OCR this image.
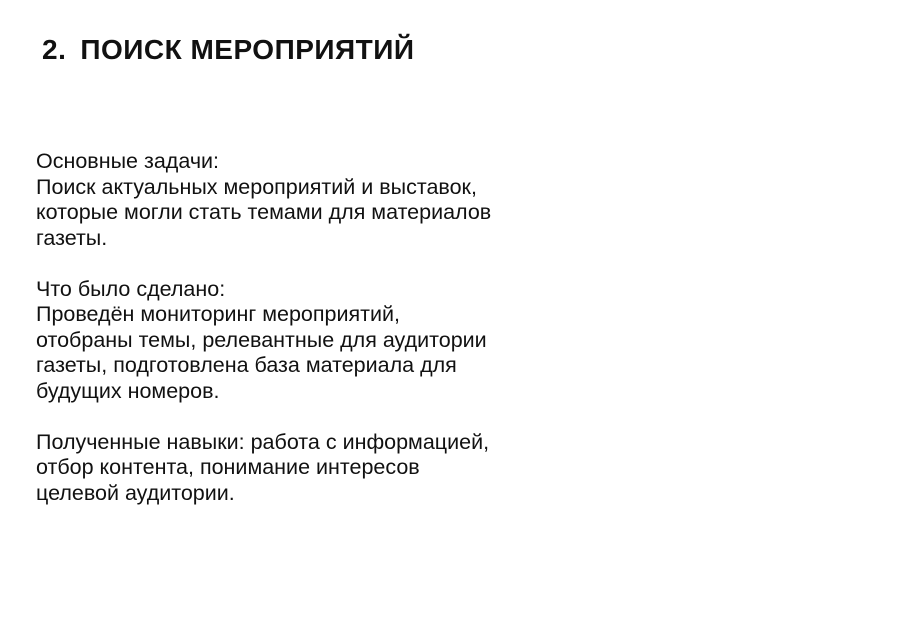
2. ПОИСК МЕРОПРИЯТИЙ
Основные задачи:
Поиск актуальных мероприятий и выставок,
которые могли стать темами для материалов
газеты.
Что было сделано:
Проведён мониторинг мероприятий,
отобраны темы, релевантные для аудитории
газеты, подготовлена база материала для
будущих номеров.
Полученные навыки: работа с информацией,
отбор контента, понимание интересов
целевой аудитории.
